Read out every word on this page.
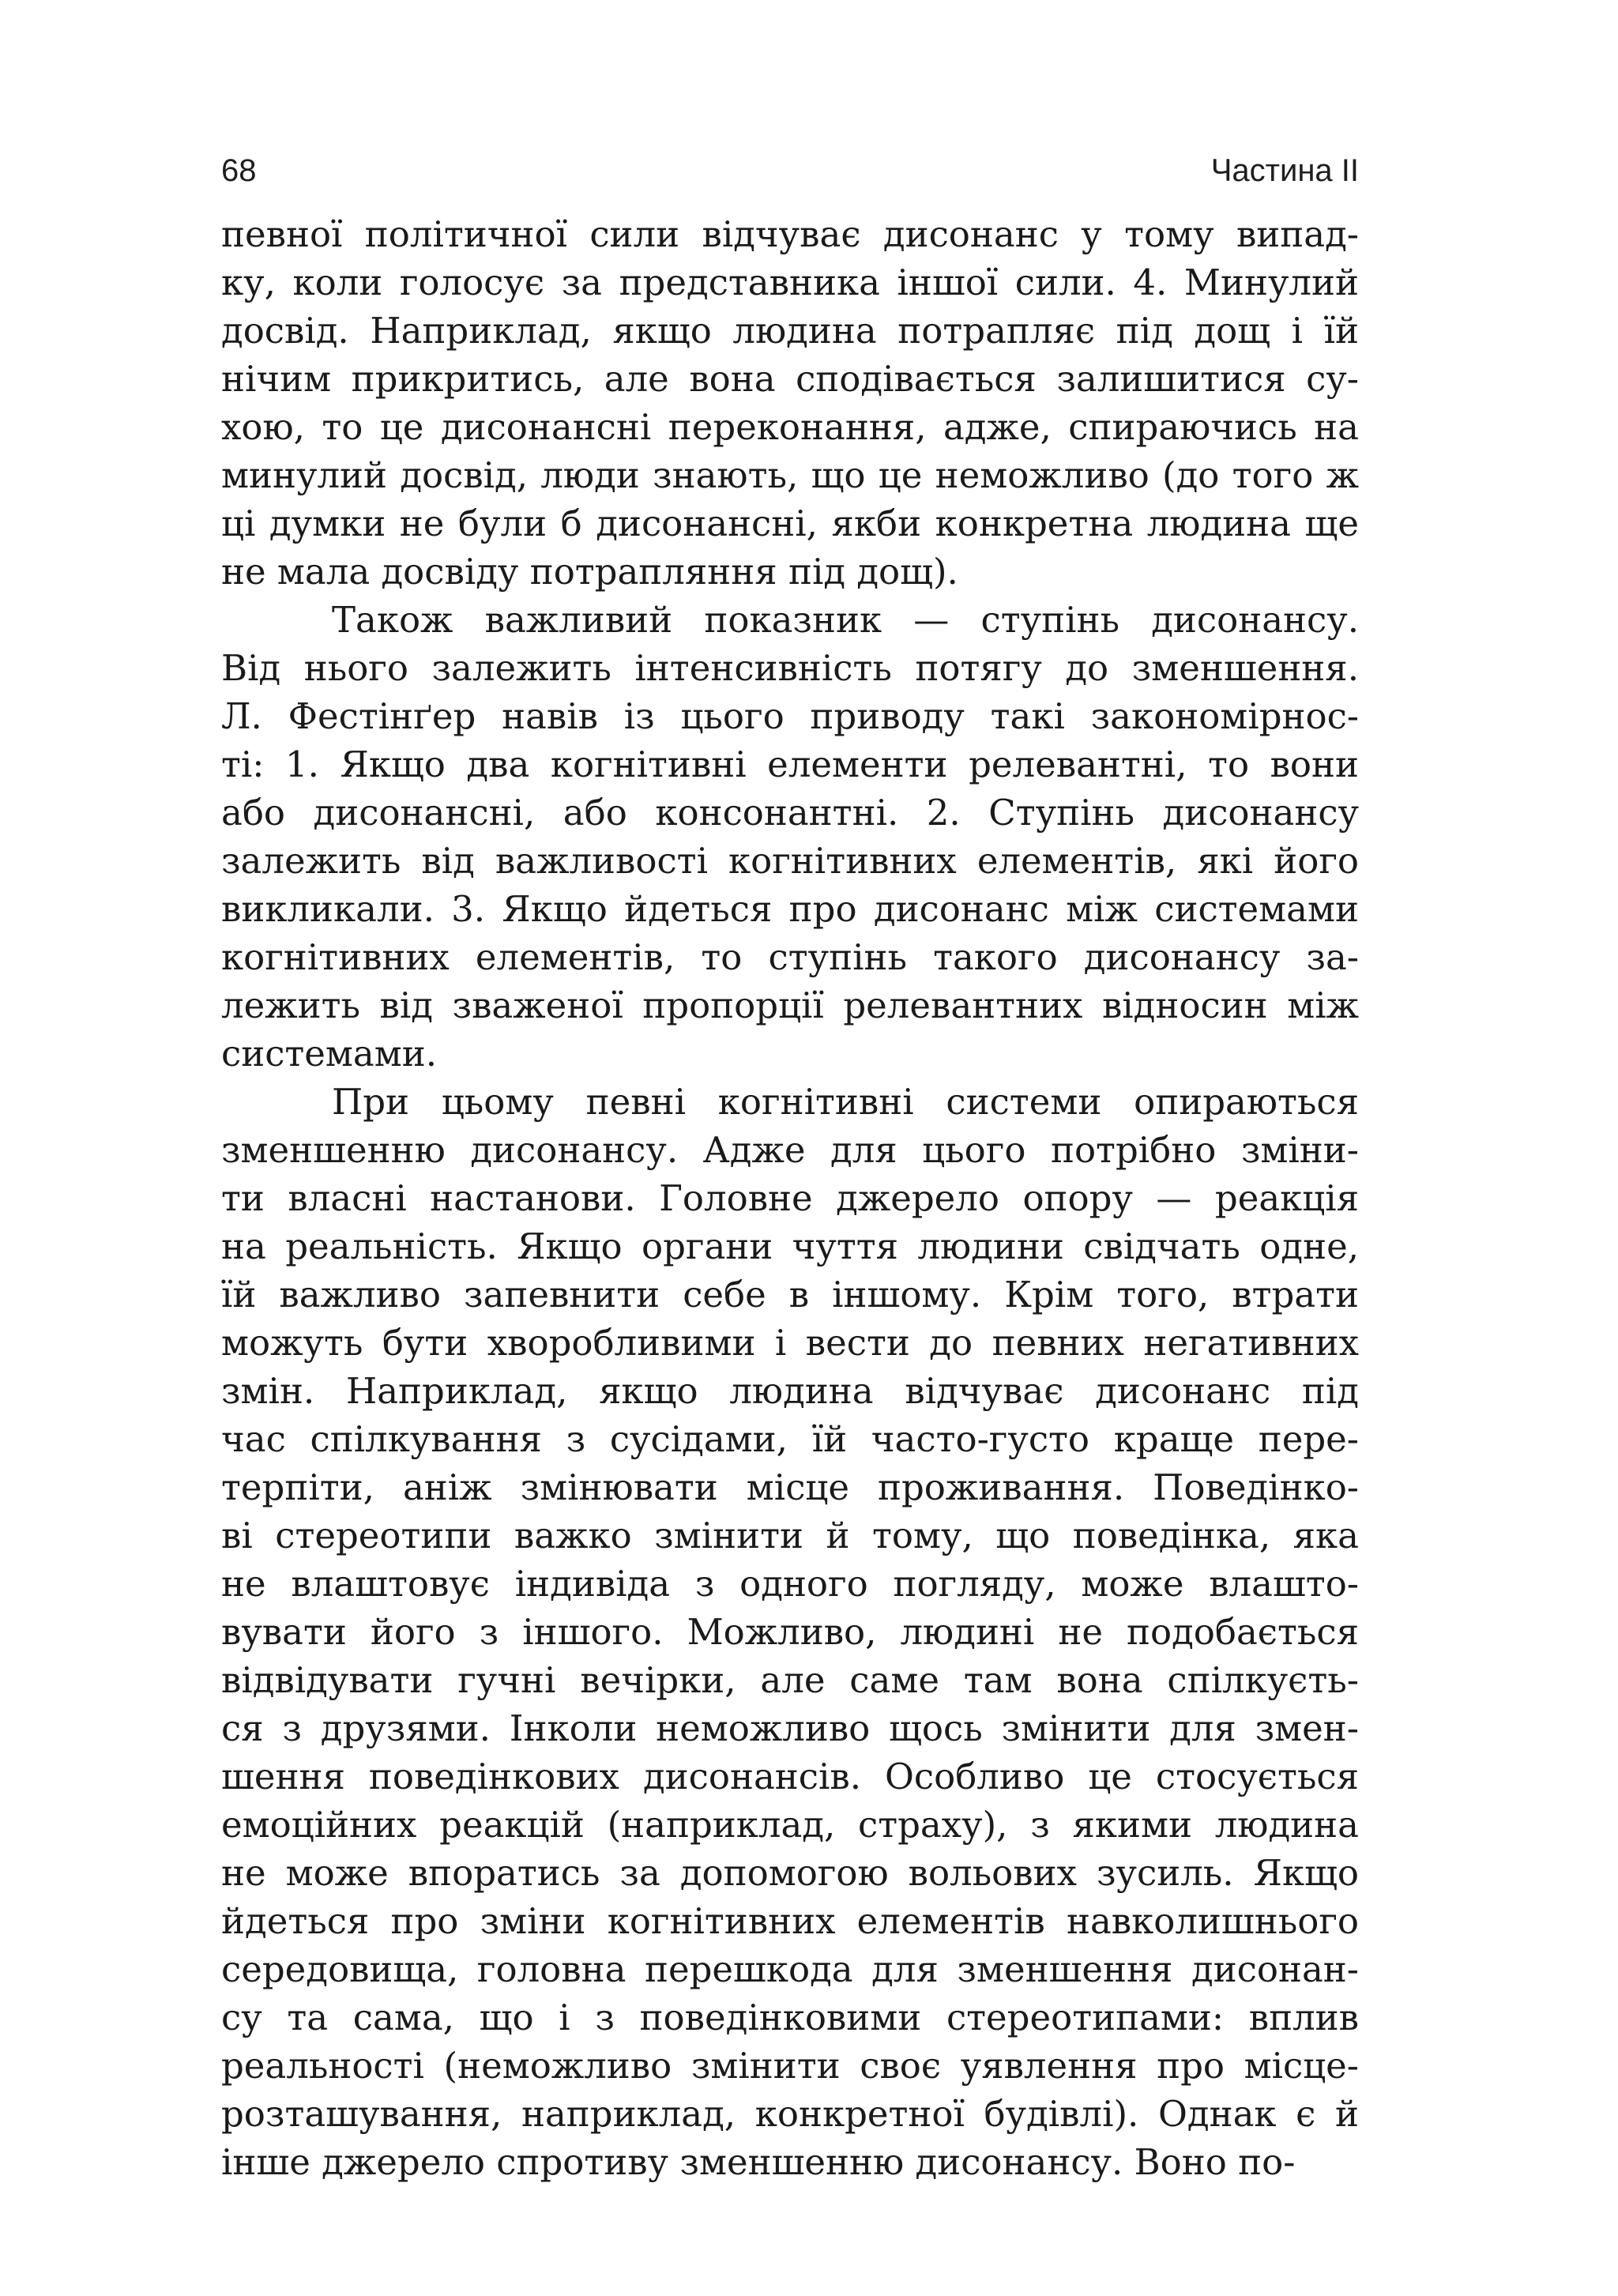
68	Частина II
певної політичної сили відчуває дисонанс у тому випад-
ку, коли голосує за представника іншої сили. 4. Минулий
досвід. Наприклад, якщо людина потрапляє під дощ і їй
нічим прикритись, але вона сподівається залишитися су-
хою, то це дисонансні переконання, адже, спираючись на
минулий досвід, люди знають, що це неможливо (до того ж
ці думки не були б дисонансні, якби конкретна людина ще
не мала досвіду потрапляння під дощ).
Також важливий показник — ступінь дисонансу.
Від нього залежить інтенсивність потягу до зменшення.
Л. Фестінґер навів із цього приводу такі закономірнос-
ті: 1. Якщо два когнітивні елементи релевантні, то вони
або дисонансні, або консонантні. 2. Ступінь дисонансу
залежить від важливості когнітивних елементів, які його
викликали. 3. Якщо йдеться про дисонанс між системами
когнітивних елементів, то ступінь такого дисонансу за-
лежить від зваженої пропорції релевантних відносин між
системами.
При цьому певні когнітивні системи опираються
зменшенню дисонансу. Адже для цього потрібно зміни-
ти власні настанови. Головне джерело опору — реакція
на реальність. Якщо органи чуття людини свідчать одне,
їй важливо запевнити себе в іншому. Крім того, втрати
можуть бути хворобливими і вести до певних негативних
змін. Наприклад, якщо людина відчуває дисонанс під
час спілкування з сусідами, їй часто-густо краще пере-
терпіти, аніж змінювати місце проживання. Поведінко-
ві стереотипи важко змінити й тому, що поведінка, яка
не влаштовує індивіда з одного погляду, може влашто-
вувати його з іншого. Можливо, людині не подобається
відвідувати гучні вечірки, але саме там вона спілкуєть-
ся з друзями. Інколи неможливо щось змінити для змен-
шення поведінкових дисонансів. Особливо це стосується
емоційних реакцій (наприклад, страху), з якими людина
не може впоратись за допомогою вольових зусиль. Якщо
йдеться про зміни когнітивних елементів навколишнього
середовища, головна перешкода для зменшення дисонан-
су та сама, що і з поведінковими стереотипами: вплив
реальності (неможливо змінити своє уявлення про місце-
розташування, наприклад, конкретної будівлі). Однак є й
інше джерело спротиву зменшенню дисонансу. Воно по-
